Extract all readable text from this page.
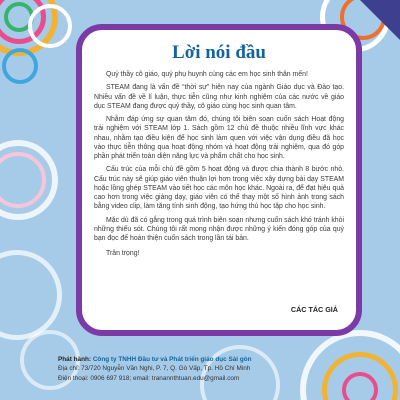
Lời nói đầu

Quý thầy cô giáo, quý phụ huynh cùng các em học sinh thân mến!

STEAM đang là vấn đề “thời sự” hiện nay của ngành Giáo dục và Đào tạo. Nhiều vấn đề về lí luận, thực tiễn cũng như kinh nghiệm của các nước về giáo dục STEAM đang được quý thầy, cô giáo cùng học sinh quan tâm.

Nhằm đáp ứng sự quan tâm đó, chúng tôi biên soạn cuốn sách Hoạt động trải nghiệm với STEAM lớp 1. Sách gồm 12 chủ đề thuộc nhiều lĩnh vực khác nhau, nhằm tạo điều kiện để học sinh làm quen với việc vận dụng điều đã học vào thực tiễn thông qua hoạt động nhóm và hoạt động trải nghiệm, qua đó góp phần phát triển toàn diện năng lực và phẩm chất cho học sinh.

Cấu trúc của mỗi chủ đề gồm 5 hoạt động và được chia thành 8 bước nhỏ. Cấu trúc này sẽ giúp giáo viên thuận lợi hơn trong việc xây dựng bài dạy STEAM hoặc lồng ghép STEAM vào tiết học các môn học khác. Ngoài ra, để đạt hiệu quả cao hơn trong việc giảng dạy, giáo viên có thể thay một số hình ảnh trong sách bằng video clip, làm tăng tính sinh động, tạo hứng thú học tập cho học sinh.

Mặc dù đã có gắng trong quá trình biên soạn nhưng cuốn sách khó tránh khỏi những thiếu sót. Chúng tôi rất mong nhận được những ý kiến đóng góp của quý bạn đọc để hoàn thiện cuốn sách trong lần tái bản.

Trân trọng!
CÁC TÁC GIẢ
Phát hành: Công ty TNHH Đầu tư và Phát triển giáo dục Sài gòn
Địa chỉ: 73/720 Nguyễn Văn Nghi, P. 7, Q. Gò Vấp, Tp. Hồ Chí Minh
Điện thoại: 0906 697 918; email: tranannthtuan.edu@gmail.com
